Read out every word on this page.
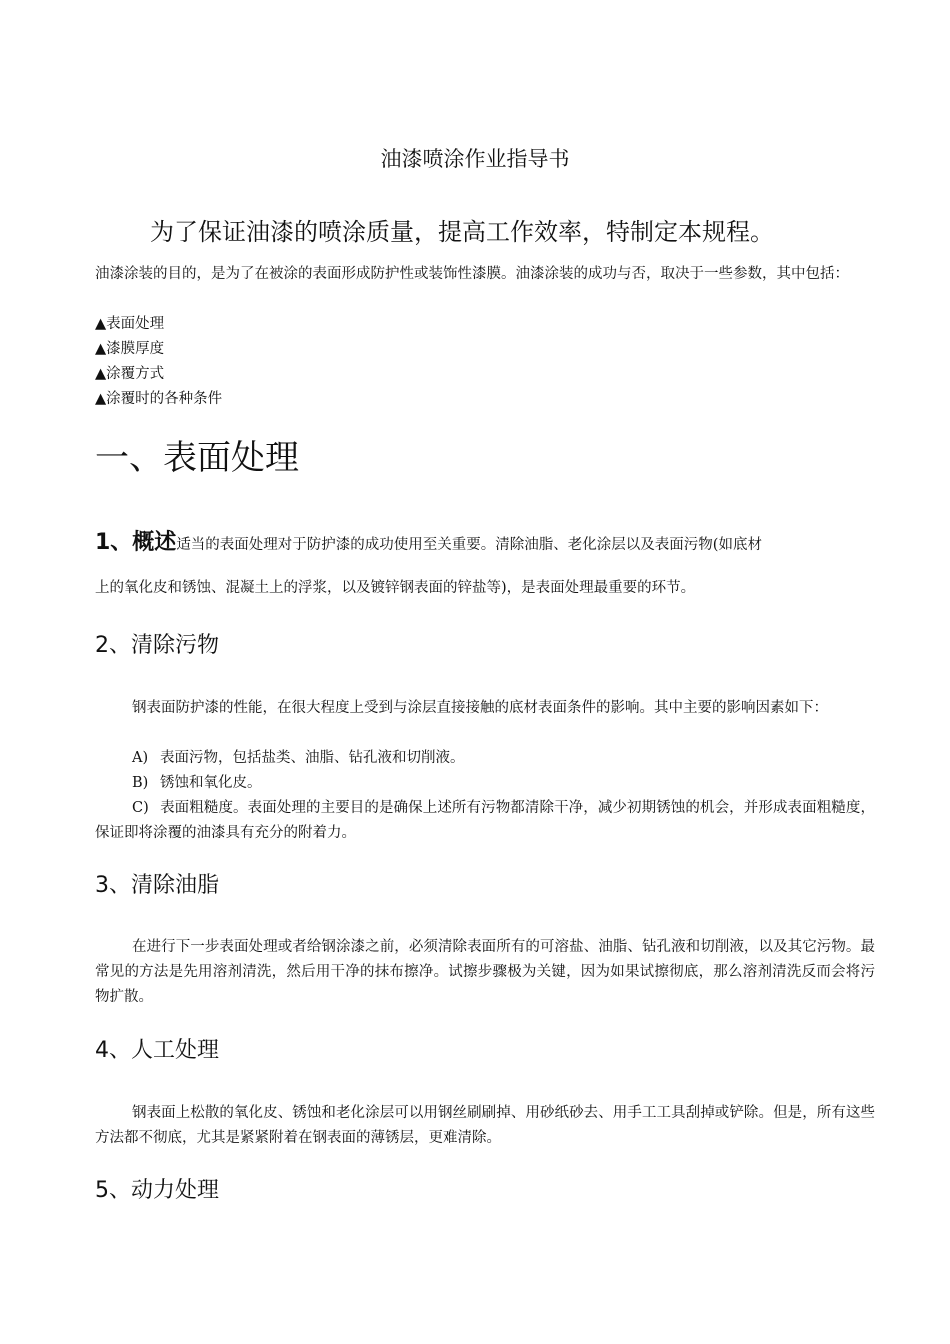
油漆喷涂作业指导书

为了保证油漆的喷涂质量，提高工作效率，特制定本规程。

油漆涂装的目的，是为了在被涂的表面形成防护性或装饰性漆膜。油漆涂装的成功与否，取决于一些参数，其中包括：

▲表面处理
▲漆膜厚度
▲涂覆方式
▲涂覆时的各种条件
一、表面处理

1、概述适当的表面处理对于防护漆的成功使用至关重要。清除油脂、老化涂层以及表面污物(如底材

上的氧化皮和锈蚀、混凝土上的浮浆，以及镀锌钢表面的锌盐等)，是表面处理最重要的环节。

2、清除污物

钢表面防护漆的性能，在很大程度上受到与涂层直接接触的底材表面条件的影响。其中主要的影响因素如下：

A) 表面污物，包括盐类、油脂、钻孔液和切削液。
B) 锈蚀和氧化皮。
C) 表面粗糙度。表面处理的主要目的是确保上述所有污物都清除干净，减少初期锈蚀的机会，并形成表面粗糙度，保证即将涂覆的油漆具有充分的附着力。
3、清除油脂

在进行下一步表面处理或者给钢涂漆之前，必须清除表面所有的可溶盐、油脂、钻孔液和切削液，以及其它污物。最常见的方法是先用溶剂清洗，然后用干净的抹布擦净。试擦步骤极为关键，因为如果试擦彻底，那么溶剂清洗反而会将污物扩散。

4、人工处理

钢表面上松散的氧化皮、锈蚀和老化涂层可以用钢丝刷刷掉、用砂纸砂去、用手工工具刮掉或铲除。但是，所有这些方法都不彻底，尤其是紧紧附着在钢表面的薄锈层，更难清除。

5、动力处理
